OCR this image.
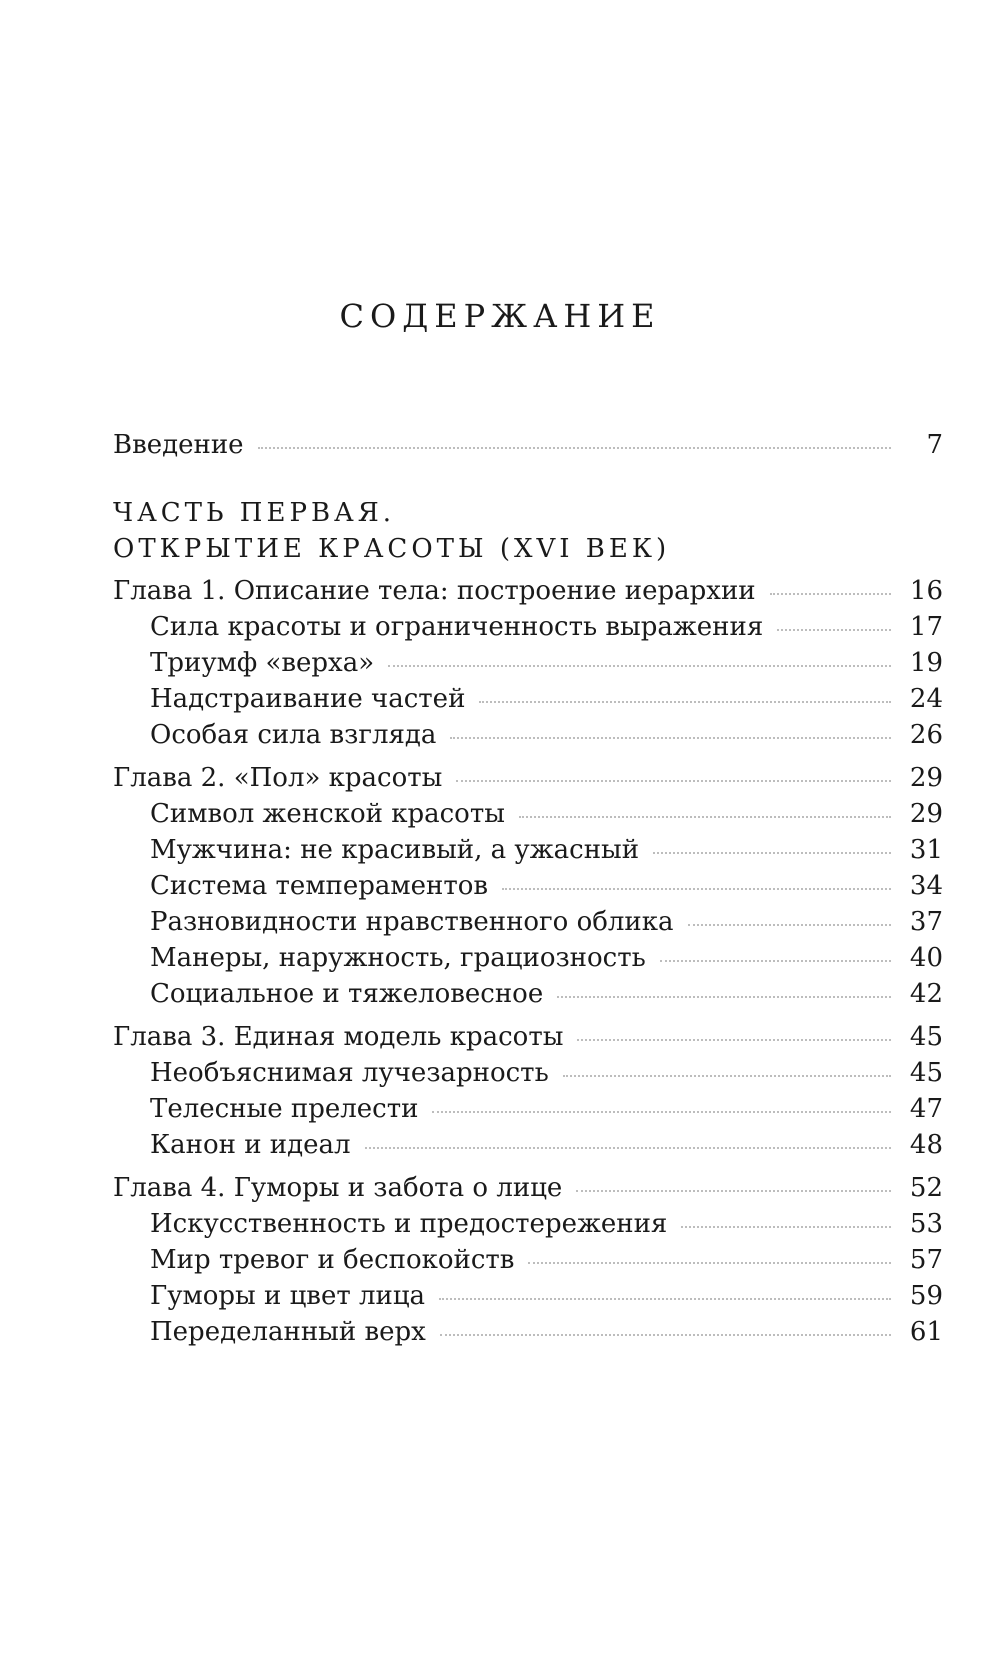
СОДЕРЖАНИЕ
Введение	7
ЧАСТЬ ПЕРВАЯ.
ОТКРЫТИЕ КРАСОТЫ (XVI ВЕК)
Глава 1. Описание тела: построение иерархии	16
Сила красоты и ограниченность выражения	17
Триумф «верха»	19
Надстраивание частей	24
Особая сила взгляда	26
Глава 2. «Пол» красоты	29
Символ женской красоты	29
Мужчина: не красивый, а ужасный	31
Система темпераментов	34
Разновидности нравственного облика	37
Манеры, наружность, грациозность	40
Социальное и тяжеловесное	42
Глава 3. Единая модель красоты	45
Необъяснимая лучезарность	45
Телесные прелести	47
Канон и идеал	48
Глава 4. Гуморы и забота о лице	52
Искусственность и предостережения	53
Мир тревог и беспокойств	57
Гуморы и цвет лица	59
Переделанный верх	61
